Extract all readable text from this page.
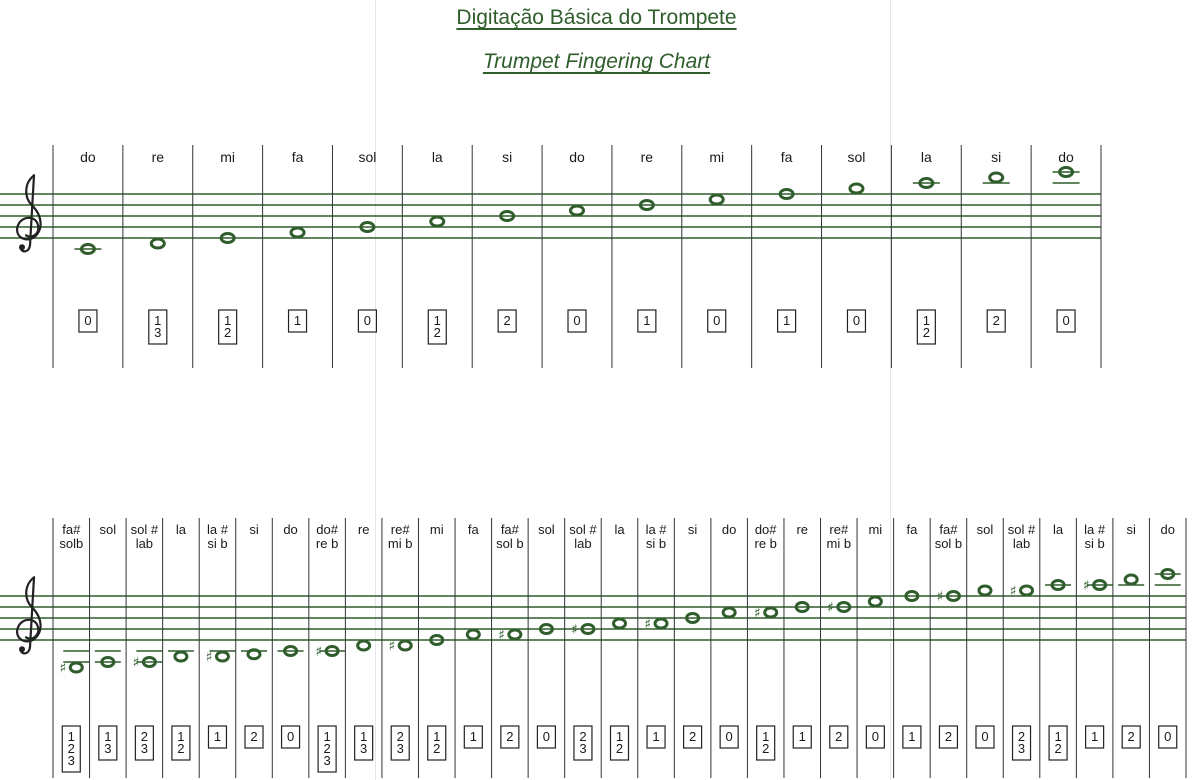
Digitação Básica do Trompete
Trumpet Fingering Chart
do
0
re
1
3
mi
1
2
fa
1
sol
0
la
1
2
si
2
do
0
re
1
mi
0
fa
1
sol
0
la
1
2
si
2
do
0
fa# solb
♯
1
2
3
sol
1
3
sol # lab
♯
2
3
la
1
2
la # si b
♯
1
si
2
do
0
do# re b
♯
1
2
3
re
1
3
re# mi b
♯
2
3
mi
1
2
fa
1
fa# sol b
♯
2
sol
0
sol # lab
♯
2
3
la
1
2
la # si b
♯
1
si
2
do
0
do# re b
♯
1
2
re
1
re# mi b
♯
2
mi
0
fa
1
fa# sol b
♯
2
sol
0
sol # lab
♯
2
3
la
1
2
la # si b
♯
1
si
2
do
0
